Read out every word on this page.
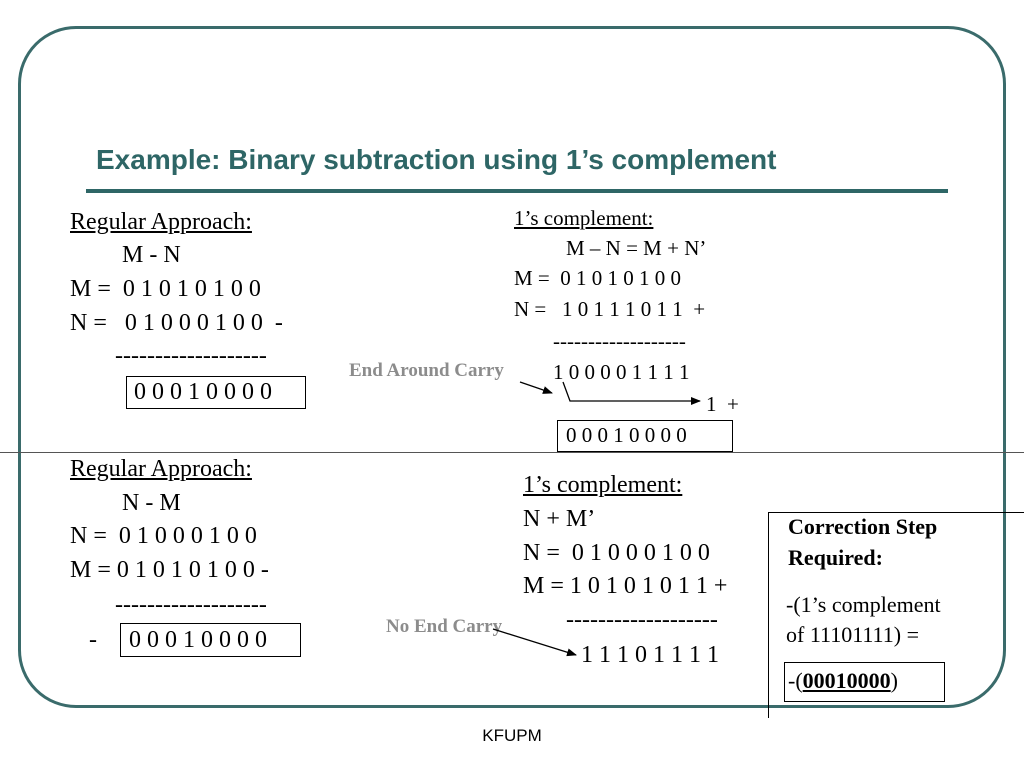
Example: Binary subtraction using 1’s complement
Regular Approach:
M - N
M =  0 1 0 1 0 1 0 0
N =   0 1 0 0 0 1 0 0  -
-------------------
0 0 0 1 0 0 0 0
1’s complement:
M – N = M + N’
M =  0 1 0 1 0 1 0 0
N =   1 0 1 1 1 0 1 1  +
-------------------
End Around Carry 1 0 0 0 0 1 1 1 1
1  +
0 0 0 1 0 0 0 0
Regular Approach:
N - M
N =  0 1 0 0 0 1 0 0
M = 0 1 0 1 0 1 0 0 -
-------------------
- 0 0 0 1 0 0 0 0
1’s complement:
N + M’
N =  0 1 0 0 0 1 0 0
M = 1 0 1 0 1 0 1 1 +
-------------------
No End Carry
1 1 1 0 1 1 1 1
Correction Step
Required:
-(1’s complement
of 11101111) =
-(00010000)
KFUPM
